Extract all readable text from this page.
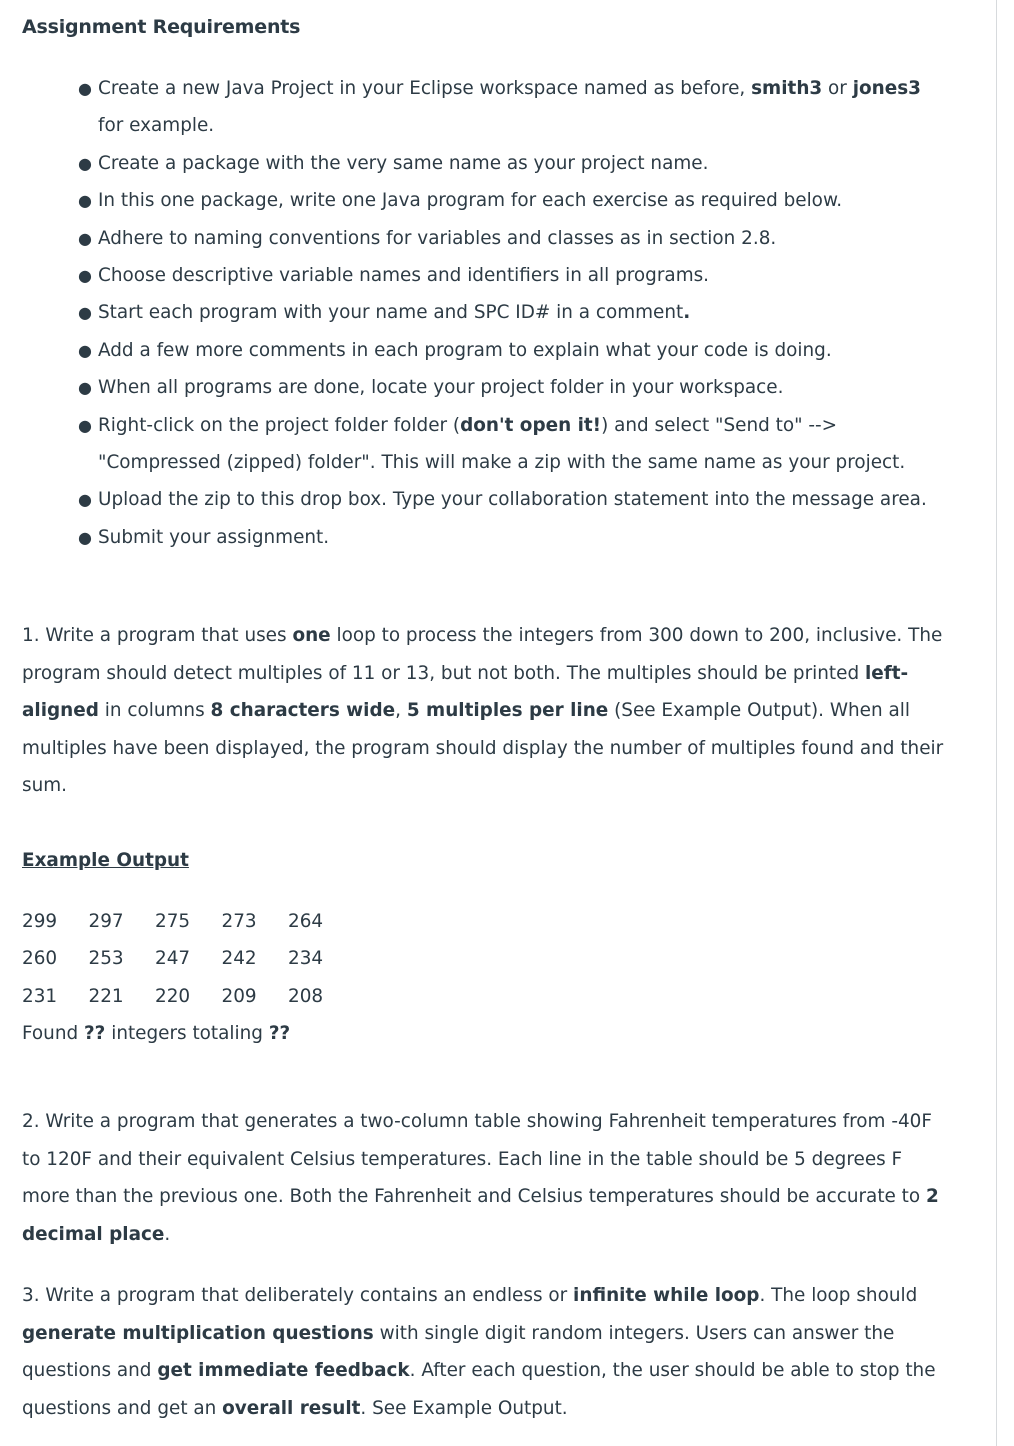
Assignment Requirements
● Create a new Java Project in your Eclipse workspace named as before, smith3 or jones3 for example.
● Create a package with the very same name as your project name.
● In this one package, write one Java program for each exercise as required below.
● Adhere to naming conventions for variables and classes as in section 2.8.
● Choose descriptive variable names and identifiers in all programs.
● Start each program with your name and SPC ID# in a comment.
● Add a few more comments in each program to explain what your code is doing.
● When all programs are done, locate your project folder in your workspace.
● Right-click on the project folder folder (don't open it!) and select "Send to" --> "Compressed (zipped) folder". This will make a zip with the same name as your project.
● Upload the zip to this drop box. Type your collaboration statement into the message area.
● Submit your assignment.

1. Write a program that uses one loop to process the integers from 300 down to 200, inclusive. The program should detect multiples of 11 or 13, but not both. The multiples should be printed left-aligned in columns 8 characters wide, 5 multiples per line (See Example Output). When all multiples have been displayed, the program should display the number of multiples found and their sum.

Example Output

299 297 275 273 264
260 253 247 242 234
231 221 220 209 208
Found ?? integers totaling ??

2. Write a program that generates a two-column table showing Fahrenheit temperatures from -40F to 120F and their equivalent Celsius temperatures. Each line in the table should be 5 degrees F more than the previous one. Both the Fahrenheit and Celsius temperatures should be accurate to 2 decimal place.

3. Write a program that deliberately contains an endless or infinite while loop. The loop should generate multiplication questions with single digit random integers. Users can answer the questions and get immediate feedback. After each question, the user should be able to stop the questions and get an overall result. See Example Output.
